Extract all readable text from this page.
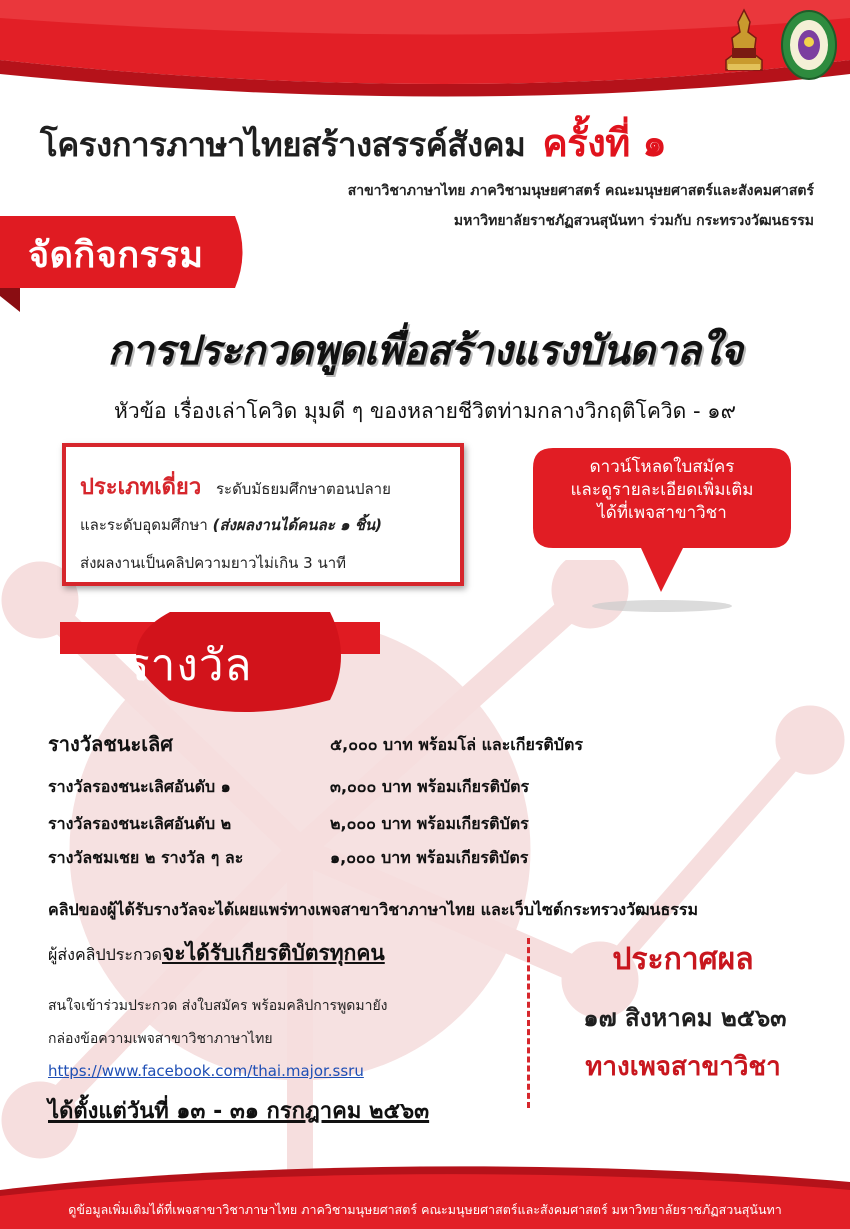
โครงการภาษาไทยสร้างสรรค์สังคม ครั้งที่ ๑
สาขาวิชาภาษาไทย ภาควิชามนุษยศาสตร์ คณะมนุษยศาสตร์และสังคมศาสตร์
มหาวิทยาลัยราชภัฏสวนสุนันทา ร่วมกับ กระทรวงวัฒนธรรม
จัดกิจกรรม
การประกวดพูดเพื่อสร้างแรงบันดาลใจ
หัวข้อ เรื่องเล่าโควิด มุมดี ๆ ของหลายชีวิตท่ามกลางวิกฤติโควิด - ๑๙
ประเภทเดี่ยว ระดับมัธยมศึกษาตอนปลาย
และระดับอุดมศึกษา (ส่งผลงานได้คนละ ๑ ชิ้น)
ส่งผลงานเป็นคลิปความยาวไม่เกิน 3 นาที
ดาวน์โหลดใบสมัคร
และดูรายละเอียดเพิ่มเติม
ได้ที่เพจสาขาวิชา
รางวัล
รางวัลชนะเลิศ	๕,๐๐๐ บาท พร้อมโล่ และเกียรติบัตร
รางวัลรองชนะเลิศอันดับ ๑	๓,๐๐๐ บาท พร้อมเกียรติบัตร
รางวัลรองชนะเลิศอันดับ ๒	๒,๐๐๐ บาท พร้อมเกียรติบัตร
รางวัลชมเชย ๒ รางวัล ๆ ละ	๑,๐๐๐ บาท พร้อมเกียรติบัตร
คลิปของผู้ได้รับรางวัลจะได้เผยแพร่ทางเพจสาขาวิชาภาษาไทย และเว็บไซต์กระทรวงวัฒนธรรม
ผู้ส่งคลิปประกวดจะได้รับเกียรติบัตรทุกคน
สนใจเข้าร่วมประกวด ส่งใบสมัคร พร้อมคลิปการพูดมายัง
กล่องข้อความเพจสาขาวิชาภาษาไทย
https://www.facebook.com/thai.major.ssru
ได้ตั้งแต่วันที่ ๑๓ - ๓๑ กรกฎาคม ๒๕๖๓
ประกาศผล
๑๗ สิงหาคม ๒๕๖๓
ทางเพจสาขาวิชา
ดูข้อมูลเพิ่มเติมได้ที่เพจสาขาวิชาภาษาไทย ภาควิชามนุษยศาสตร์ คณะมนุษยศาสตร์และสังคมศาสตร์ มหาวิทยาลัยราชภัฏสวนสุนันทา
